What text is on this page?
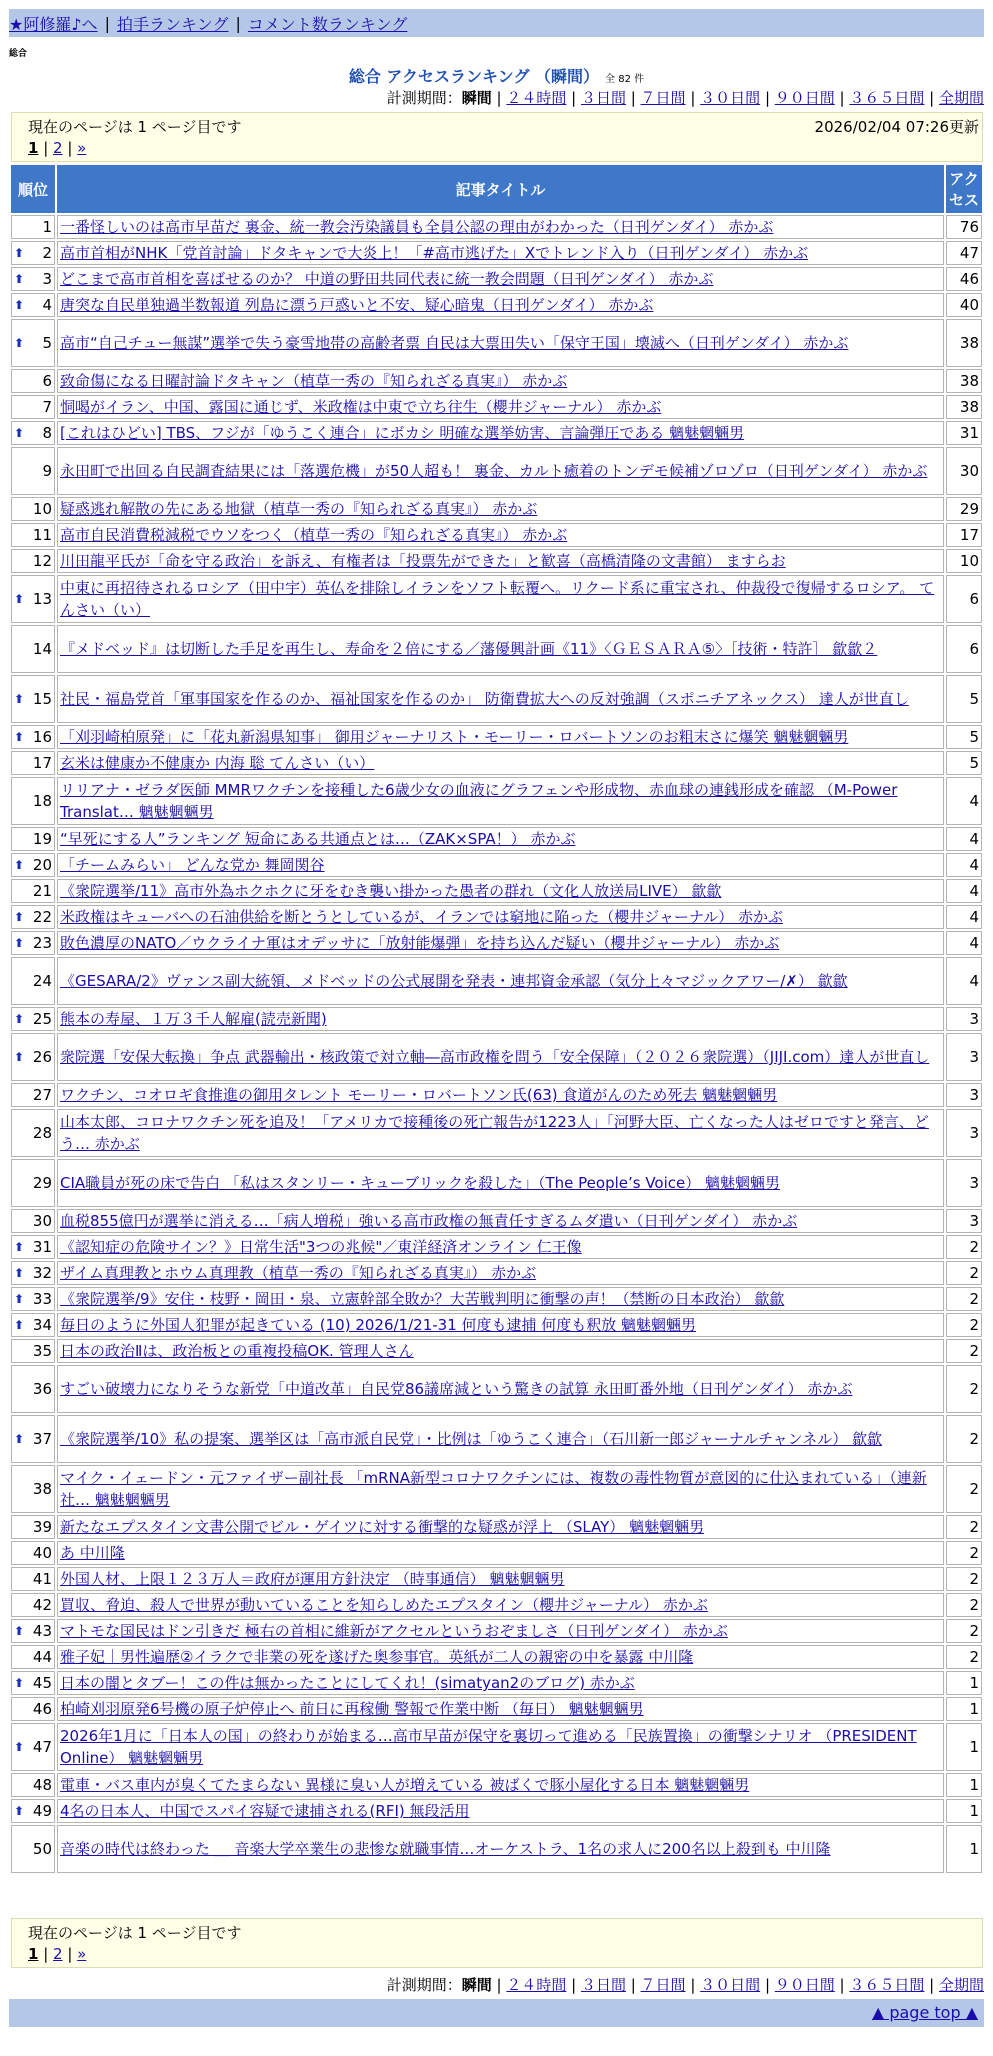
★阿修羅♪へ | 拍手ランキング | コメント数ランキング
総合
総合 アクセスランキング （瞬間） 全 82 件
計測期間：瞬間 | ２４時間 | ３日間 | ７日間 | ３０日間 | ９０日間 | ３６５日間 | 全期間
現在のページは 1 ページ目です	2026/02/04 07:26更新
1 | 2 | »
順位	記事タイトル	アクセス
1	一番怪しいのは高市早苗だ 裏金、統一教会汚染議員も全員公認の理由がわかった（日刊ゲンダイ） 赤かぶ	76

⬆ 2	高市首相がNHK「党首討論」ドタキャンで大炎上！「#高市逃げた」Xでトレンド入り（日刊ゲンダイ） 赤かぶ	47

⬆ 3	どこまで高市首相を喜ばせるのか？ 中道の野田共同代表に統一教会問題（日刊ゲンダイ） 赤かぶ	46

⬆ 4	唐突な自民単独過半数報道 列島に漂う戸惑いと不安、疑心暗鬼（日刊ゲンダイ） 赤かぶ	40

⬆ 5	高市“自己チュー無謀”選挙で失う豪雪地帯の高齢者票 自民は大票田失い「保守王国」壊滅へ（日刊ゲンダイ） 赤かぶ	38
6	致命傷になる日曜討論ドタキャン（植草一秀の『知られざる真実』） 赤かぶ	38
7	恫喝がイラン、中国、露国に通じず、米政権は中東で立ち往生（櫻井ジャーナル） 赤かぶ	38

⬆ 8	[これはひどい] TBS、フジが「ゆうこく連合」にボカシ 明確な選挙妨害、言論弾圧である 魑魅魍魎男	31
9	永田町で出回る自民調査結果には「落選危機」が50人超も！ 裏金、カルト癒着のトンデモ候補ゾロゾロ（日刊ゲンダイ） 赤かぶ	30
10	疑惑逃れ解散の先にある地獄（植草一秀の『知られざる真実』） 赤かぶ	29
11	高市自民消費税減税でウソをつく（植草一秀の『知られざる真実』） 赤かぶ	17
12	川田龍平氏が「命を守る政治」を訴え、有権者は「投票先ができた」と歓喜（高橋清隆の文書館） ますらお	10

⬆ 13	中東に再招待されるロシア（田中宇）英仏を排除しイランをソフト転覆へ。リクード系に重宝され、仲裁役で復帰するロシア。 てんさい（い）	6
14	『メドベッド』は切断した手足を再生し、寿命を２倍にする／藩優興計画《11》〈ＧＥＳＡＲＡ⑤〉［技術・特許］ 歙歙２	6

⬆ 15	社民・福島党首「軍事国家を作るのか、福祉国家を作るのか」 防衛費拡大への反対強調（スポニチアネックス） 達人が世直し	5

⬆ 16	「刈羽崎柏原発」に「花丸新潟県知事」 御用ジャーナリスト・モーリー・ロバートソンのお粗末さに爆笑 魑魅魍魎男	5
17	玄米は健康か不健康か 内海 聡 てんさい（い）	5
18	リリアナ・ゼラダ医師 MMRワクチンを接種した6歳少女の血液にグラフェンや形成物、赤血球の連銭形成を確認 （M-Power Translat… 魑魅魍魎男	4
19	“早死にする人”ランキング 短命にある共通点とは…（ZAK×SPA！） 赤かぶ	4

⬆ 20	「チームみらい」 どんな党か 舞岡関谷	4
21	《衆院選挙/11》高市外為ホクホクに牙をむき襲い掛かった愚者の群れ（文化人放送局LIVE） 歙歙	4

⬆ 22	米政権はキューバへの石油供給を断とうとしているが、イランでは窮地に陥った（櫻井ジャーナル） 赤かぶ	4

⬆ 23	敗色濃厚のNATO／ウクライナ軍はオデッサに「放射能爆弾」を持ち込んだ疑い（櫻井ジャーナル） 赤かぶ	4
24	《GESARA/2》ヴァンス副大統領、メドベッドの公式展開を発表・連邦資金承認（気分上々マジックアワー/✗） 歙歙	4

⬆ 25	熊本の寿屋、１万３千人解雇(読売新聞)	3

⬆ 26	衆院選「安保大転換」争点 武器輸出・核政策で対立軸―高市政権を問う「安全保障」（２０２６衆院選）（JIJI.com）達人が世直し	3
27	ワクチン、コオロギ食推進の御用タレント モーリー・ロバートソン氏(63) 食道がんのため死去 魑魅魍魎男	3
28	山本太郎、コロナワクチン死を追及！「アメリカで接種後の死亡報告が1223人」「河野大臣、亡くなった人はゼロですと発言、どう… 赤かぶ	3
29	CIA職員が死の床で告白 「私はスタンリー・キューブリックを殺した」（The People’s Voice） 魑魅魍魎男	3
30	血税855億円が選挙に消える…「病人増税」強いる高市政権の無責任すぎるムダ遣い（日刊ゲンダイ） 赤かぶ	3

⬆ 31	《認知症の危険サイン？》日常生活"3つの兆候"／東洋経済オンライン 仁王像	2

⬆ 32	ザイム真理教とホウム真理教（植草一秀の『知られざる真実』） 赤かぶ	2

⬆ 33	《衆院選挙/9》安住・枝野・岡田・泉、立憲幹部全敗か？大苦戦判明に衝撃の声！（禁断の日本政治） 歙歙	2

⬆ 34	毎日のように外国人犯罪が起きている (10) 2026/1/21-31 何度も逮捕 何度も釈放 魑魅魍魎男	2
35	日本の政治Ⅱは、政治板との重複投稿OK. 管理人さん	2
36	すごい破壊力になりそうな新党「中道改革」自民党86議席減という驚きの試算 永田町番外地（日刊ゲンダイ） 赤かぶ	2

⬆ 37	《衆院選挙/10》私の提案、選挙区は「高市派自民党」・比例は「ゆうこく連合」（石川新一郎ジャーナルチャンネル） 歙歙	2
38	マイク・イェードン・元ファイザー副社長 「mRNA新型コロナワクチンには、複数の毒性物質が意図的に仕込まれている」（連新社… 魑魅魍魎男	2
39	新たなエプスタイン文書公開でビル・ゲイツに対する衝撃的な疑惑が浮上 （SLAY） 魑魅魍魎男	2
40	あ 中川隆	2
41	外国人材、上限１２３万人＝政府が運用方針決定 （時事通信） 魑魅魍魎男	2
42	買収、脅迫、殺人で世界が動いていることを知らしめたエプスタイン（櫻井ジャーナル） 赤かぶ	2

⬆ 43	マトモな国民はドン引きだ 極右の首相に維新がアクセルというおぞましさ（日刊ゲンダイ） 赤かぶ	2
44	雅子妃｜男性遍歴②イラクで非業の死を遂げた奥参事官。英紙が二人の親密の中を暴露 中川隆	2

⬆ 45	日本の闇とタブー！この件は無かったことにしてくれ！(simatyan2のブログ) 赤かぶ	1
46	柏崎刈羽原発6号機の原子炉停止へ 前日に再稼働 警報で作業中断 （毎日） 魑魅魍魎男	1

⬆ 47	2026年1月に「日本人の国」の終わりが始まる…高市早苗が保守を裏切って進める「民族置換」の衝撃シナリオ （PRESIDENT Online） 魑魅魍魎男	1
48	電車・バス車内が臭くてたまらない 異様に臭い人が増えている 被ばくで豚小屋化する日本 魑魅魍魎男	1

⬆ 49	4名の日本人、中国でスパイ容疑で逮捕される(RFI) 無段活用	1
50	音楽の時代は終わった ＿ 音楽大学卒業生の悲惨な就職事情…オーケストラ、1名の求人に200名以上殺到も 中川隆	1
現在のページは 1 ページ目です
1 | 2 | »
計測期間：瞬間 | ２４時間 | ３日間 | ７日間 | ３０日間 | ９０日間 | ３６５日間 | 全期間
▲ page top ▲
